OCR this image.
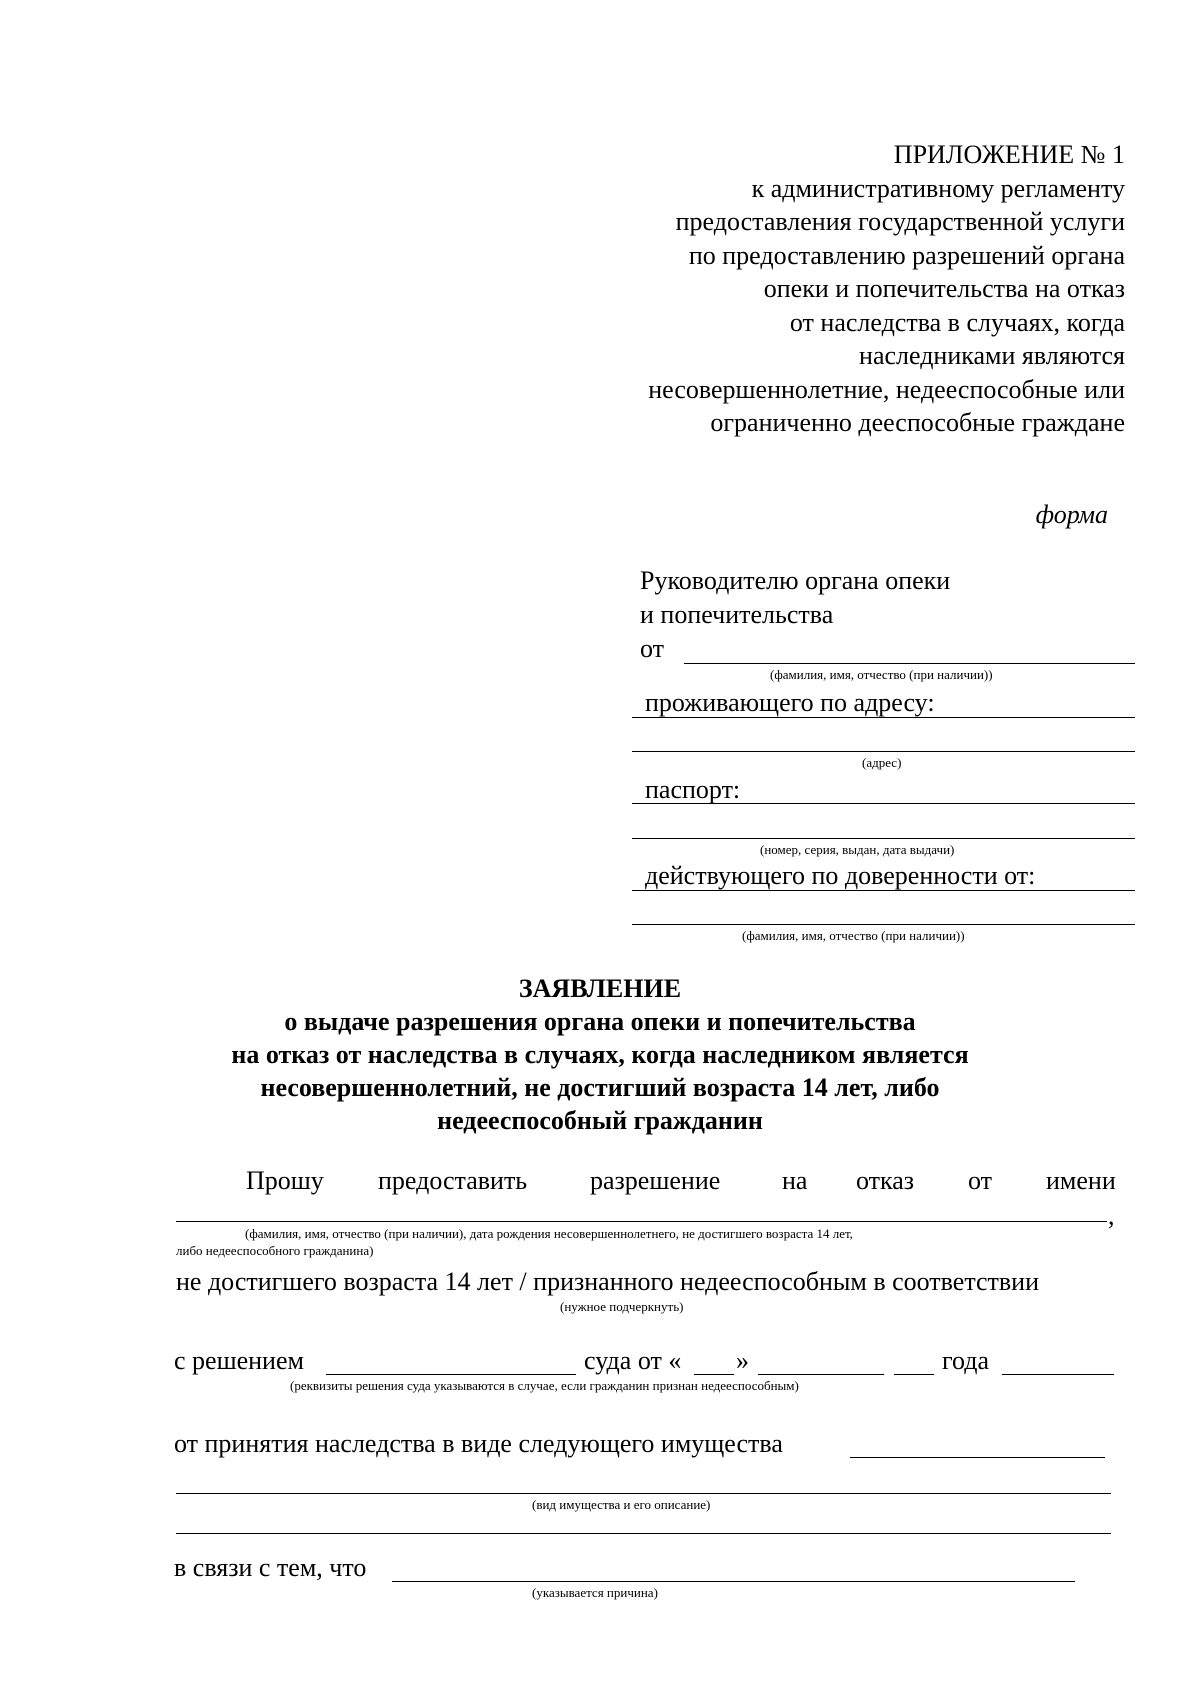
ПРИЛОЖЕНИЕ № 1
к административному регламенту
предоставления государственной услуги
по предоставлению разрешений органа
опеки и попечительства на отказ
от наследства в случаях, когда
наследниками являются
несовершеннолетние, недееспособные или
ограниченно дееспособные граждане
форма
Руководителю органа опеки
и попечительства
от
(фамилия, имя, отчество (при наличии))
проживающего по адресу:
(адрес)
паспорт:
(номер, серия, выдан, дата выдачи)
действующего по доверенности от:
(фамилия, имя, отчество (при наличии))
ЗАЯВЛЕНИЕ
о выдаче разрешения органа опеки и попечительства
на отказ от наследства в случаях, когда наследником является
несовершеннолетний, не достигший возраста 14 лет, либо
недееспособный гражданин
Прошу предоставить разрешение на отказ от имени
,
(фамилия, имя, отчество (при наличии), дата рождения несовершеннолетнего, не достигшего возраста 14 лет,
либо недееспособного гражданина)
не достигшего возраста 14 лет / признанного недееспособным в соответствии
(нужное подчеркнуть)
с решением	суда от « »	года
(реквизиты решения суда указываются в случае, если гражданин признан недееспособным)
от принятия наследства в виде следующего имущества
(вид имущества и его описание)
в связи с тем, что
(указывается причина)
